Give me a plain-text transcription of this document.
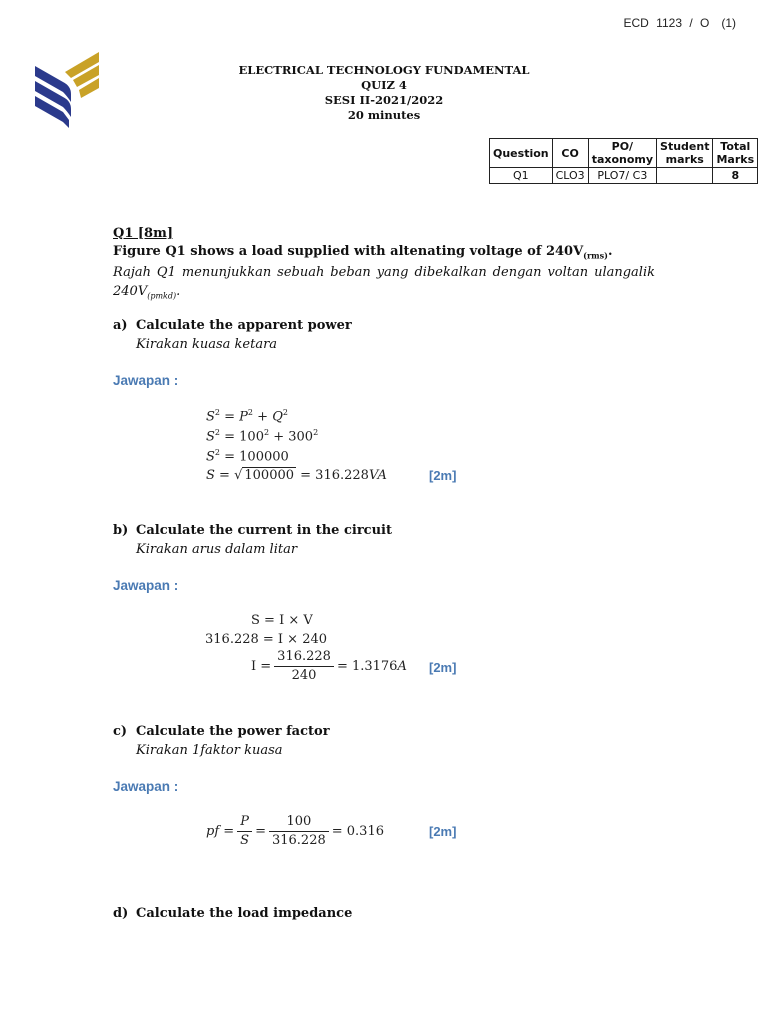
ECD 1123 / O (1)
ELECTRICAL TECHNOLOGY FUNDAMENTAL
QUIZ 4
SESI II-2021/2022
20 minutes
Question	CO	PO/ taxonomy	Student marks	Total Marks
Q1	CLO3	PLO7/ C3		8
Q1 [8m]
Figure Q1 shows a load supplied with altenating voltage of $240V_{(rms)}$.
Rajah Q1 menunjukkan sebuah beban yang dibekalkan dengan voltan ulangalik $240V_{(pmkd)}$.
a) Calculate the apparent power
Kirakan kuasa ketara
Jawapan :
$S^2 = P^2 + Q^2$
$S^2 = 100^2 + 300^2$
$S^2 = 100000$
S = √ 100000 = 316.228VA	[2m]
b) Calculate the current in the circuit
Kirakan arus dalam litar
Jawapan :
S = I × V
316.228 = I × 240
$I = \frac{316.228}{240} = 1.3176A$ [2m]
c) Calculate the power factor
Kirakan 1faktor kuasa
Jawapan :
pf = $\frac{P}{S} = \frac{100}{316.228} = 0.316$	[2m]
d) Calculate the load impedance
